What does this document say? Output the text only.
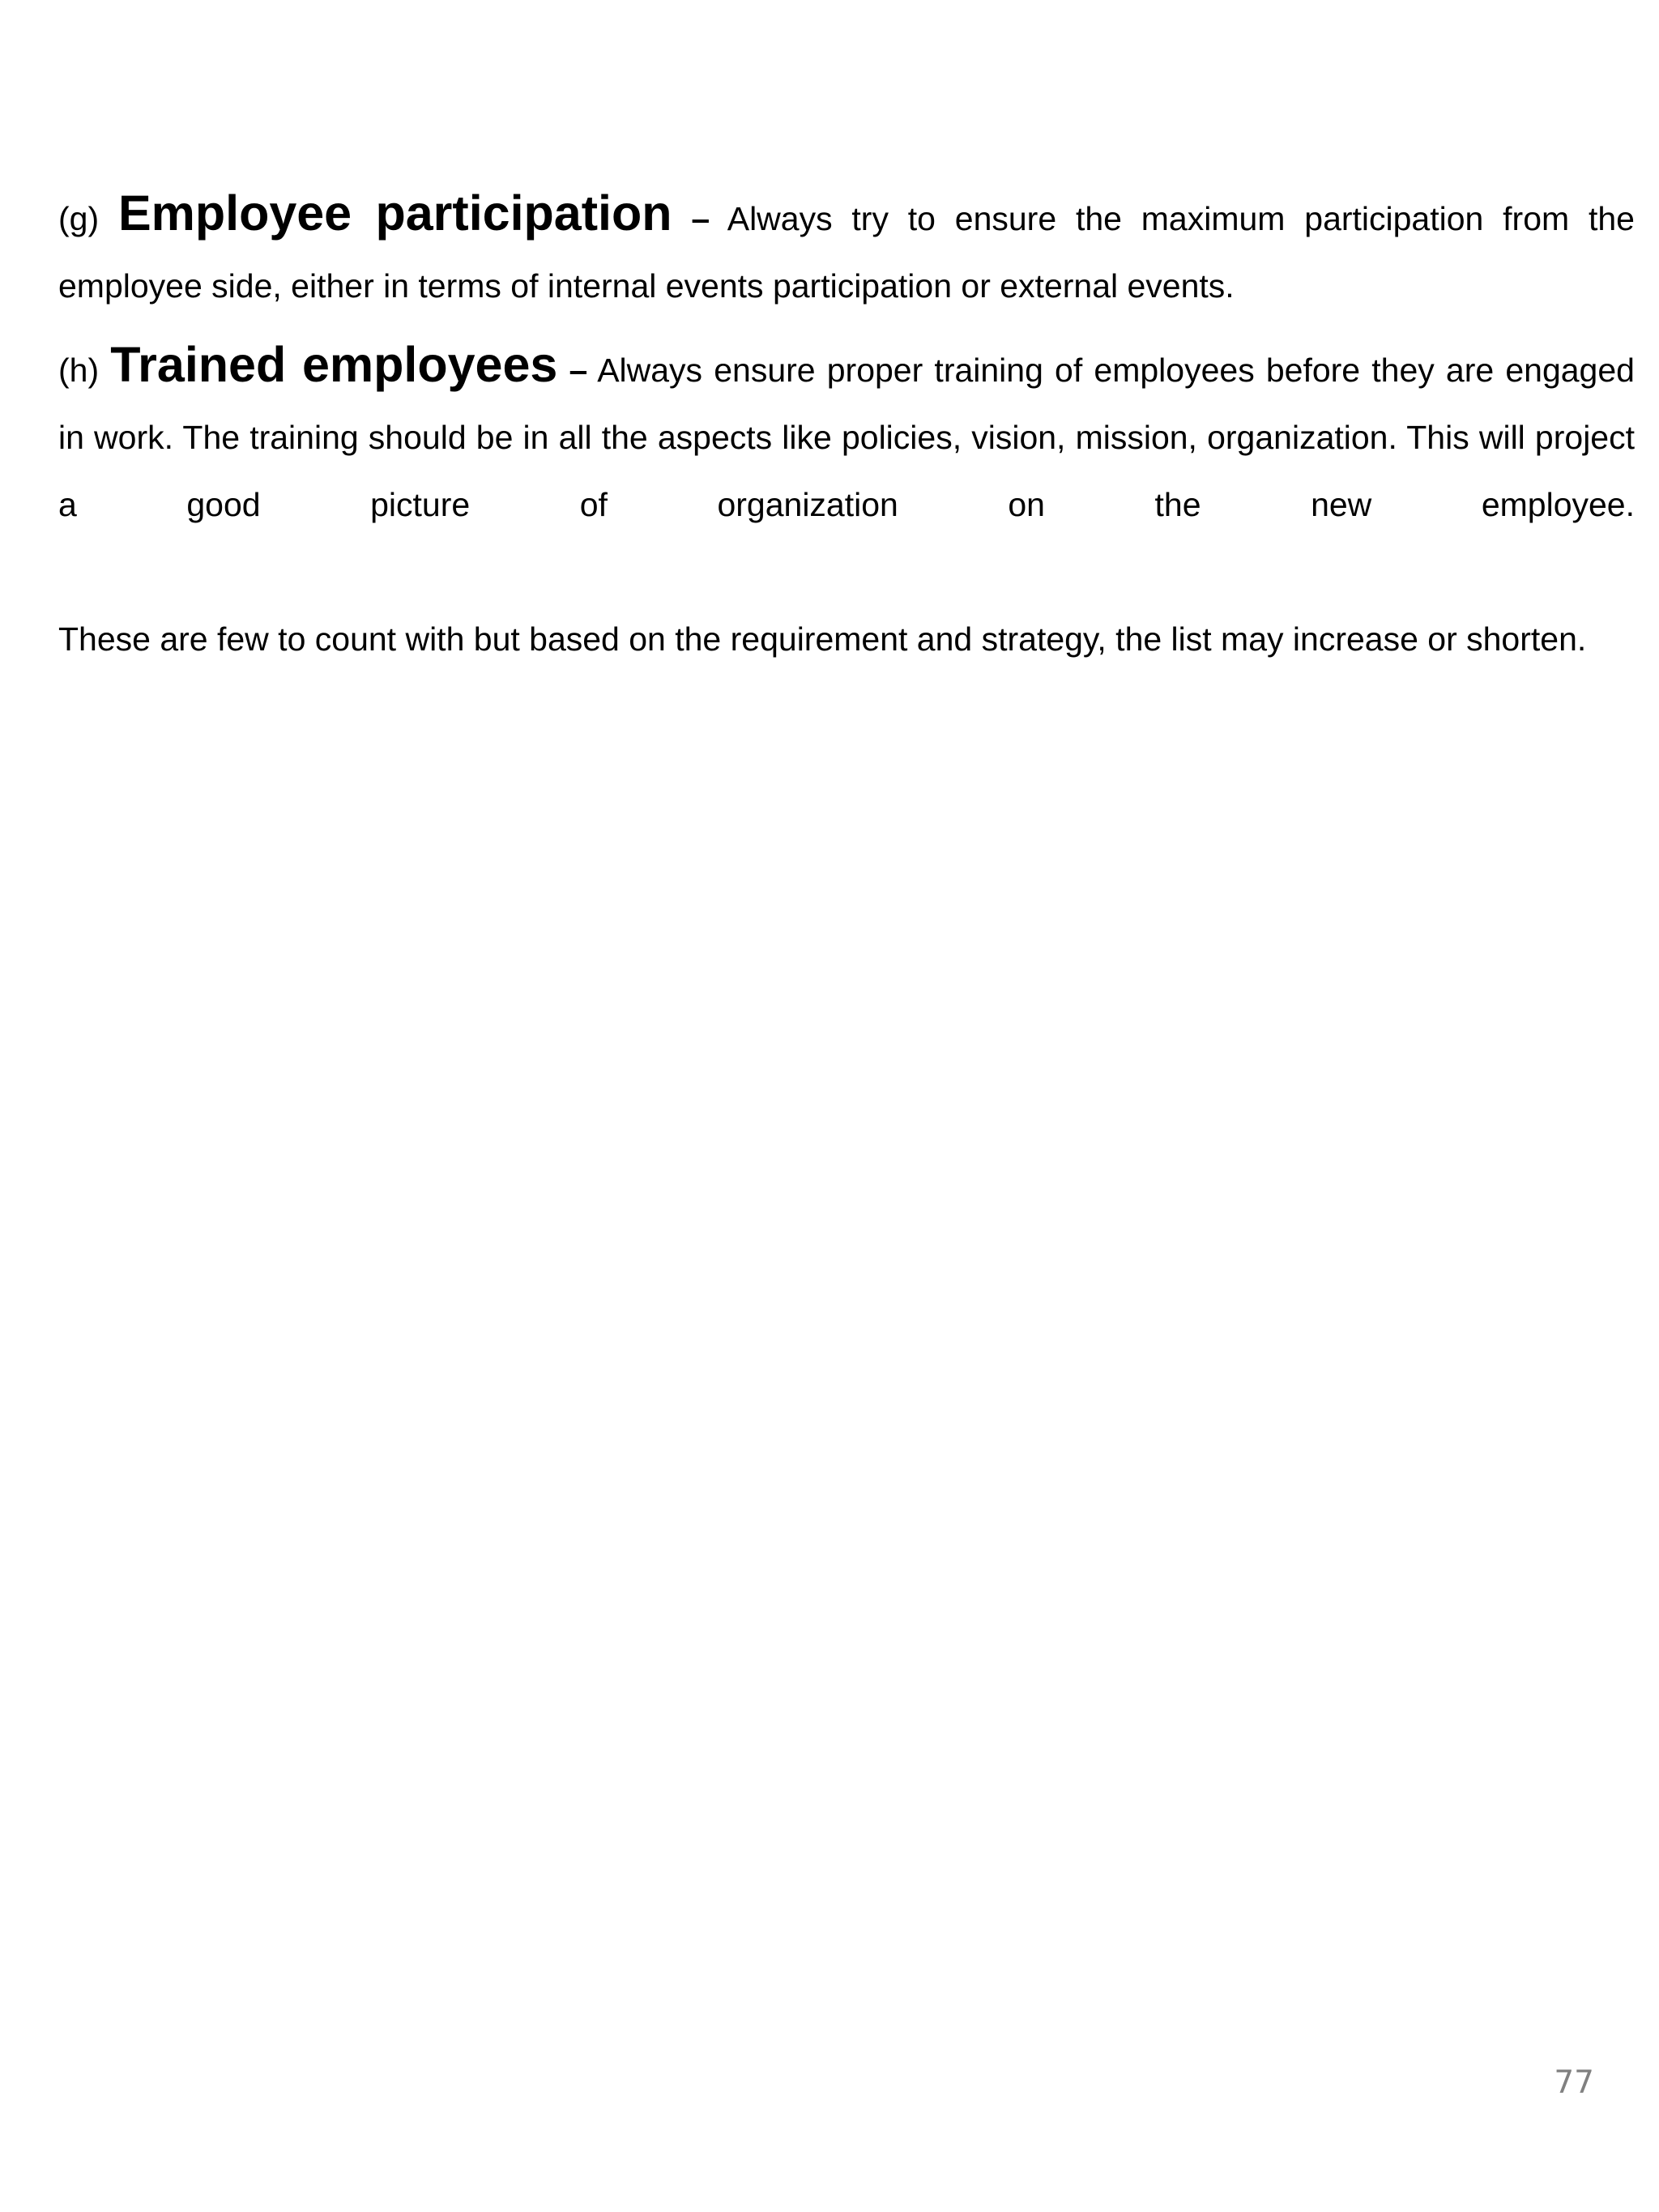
(g) Employee participation – Always try to ensure the maximum participation from the employee side, either in terms of internal events participation or external events.

(h) Trained employees – Always ensure proper training of employees before they are engaged in work. The training should be in all the aspects like policies, vision, mission, organization. This will project a good picture of organization on the new employee.

These are few to count with but based on the requirement and strategy, the list may increase or shorten.

77
